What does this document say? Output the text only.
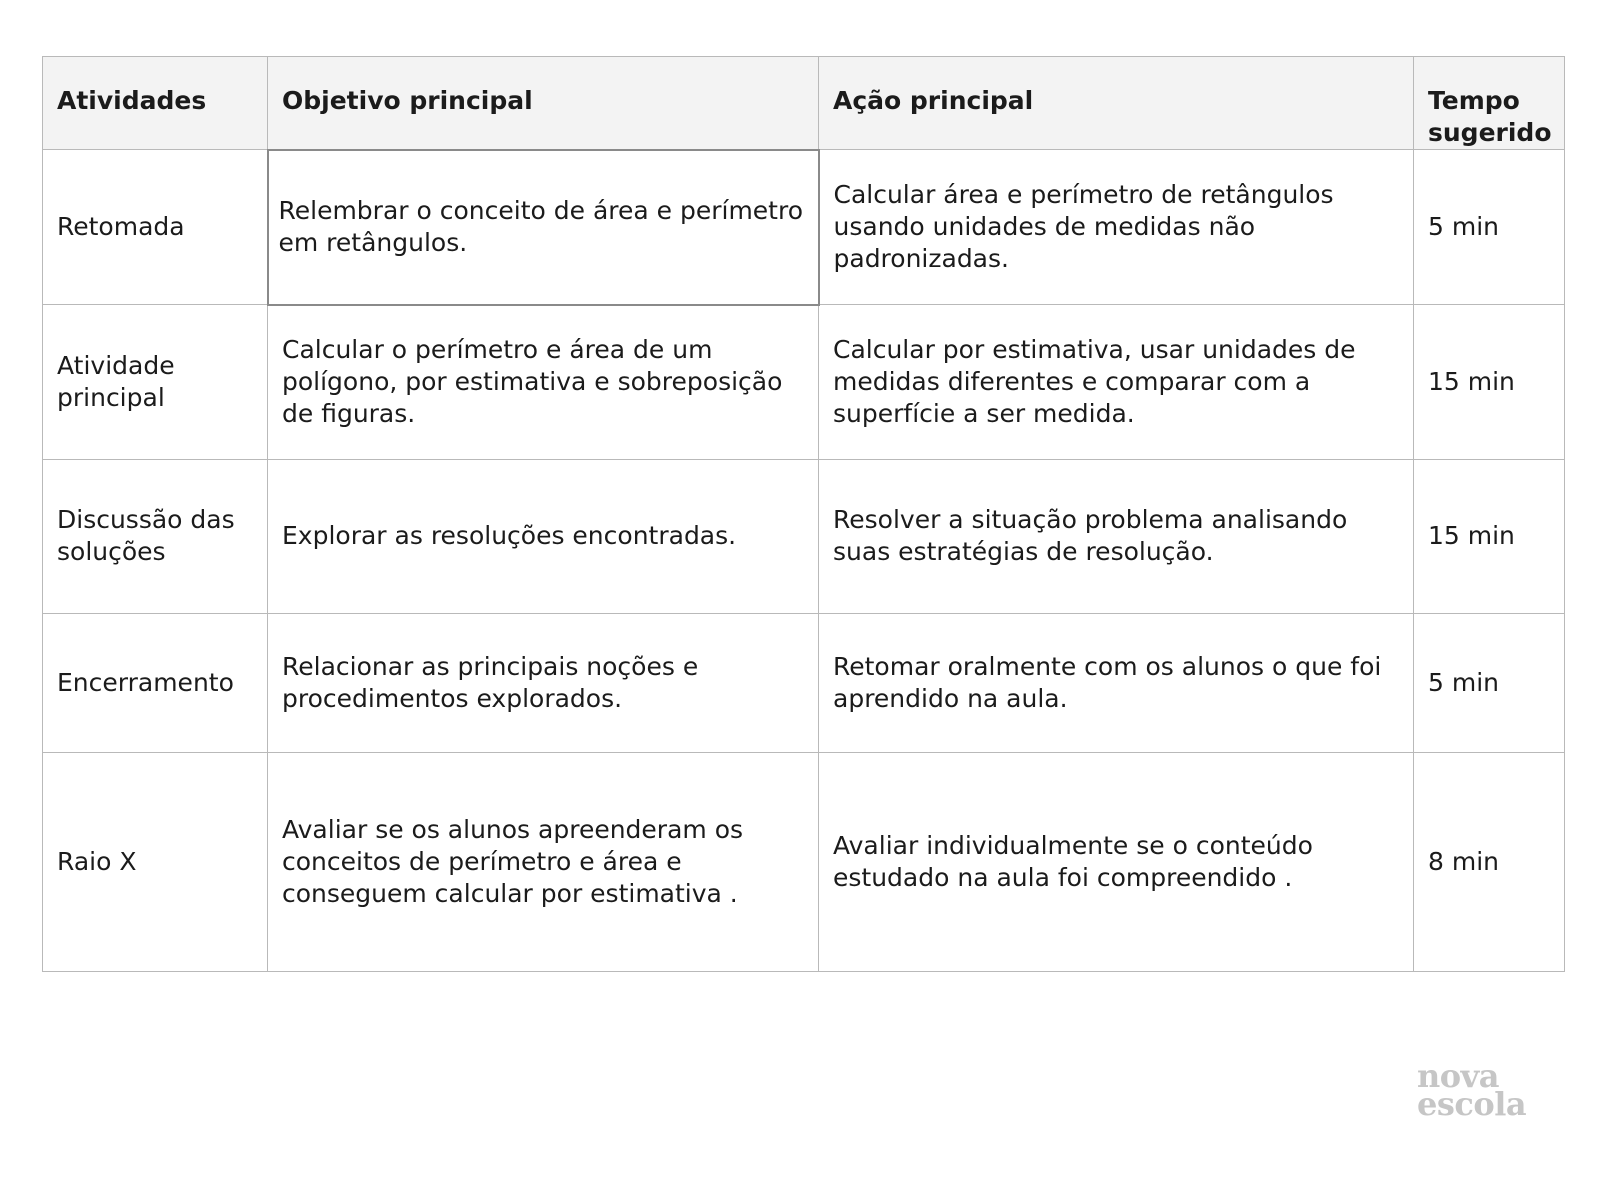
Atividades	Objetivo principal	Ação principal	Tempo sugerido
Retomada	Relembrar o conceito de área e perímetro em retângulos.	Calcular área e perímetro de retângulos usando unidades de medidas não padronizadas.	5 min
Atividade principal	Calcular o perímetro e área de um polígono, por estimativa e sobreposição de figuras.	Calcular por estimativa, usar unidades de medidas diferentes e comparar com a superfície a ser medida.	15 min
Discussão das soluções	Explorar as resoluções encontradas.	Resolver a situação problema analisando suas estratégias de resolução.	15 min
Encerramento	Relacionar as principais noções e procedimentos explorados.	Retomar oralmente com os alunos o que foi aprendido na aula.	5 min
Raio X	Avaliar se os alunos apreenderam os conceitos de perímetro e área e conseguem calcular por estimativa .	Avaliar individualmente se o conteúdo estudado na aula foi compreendido .	8 min
nova
escola
